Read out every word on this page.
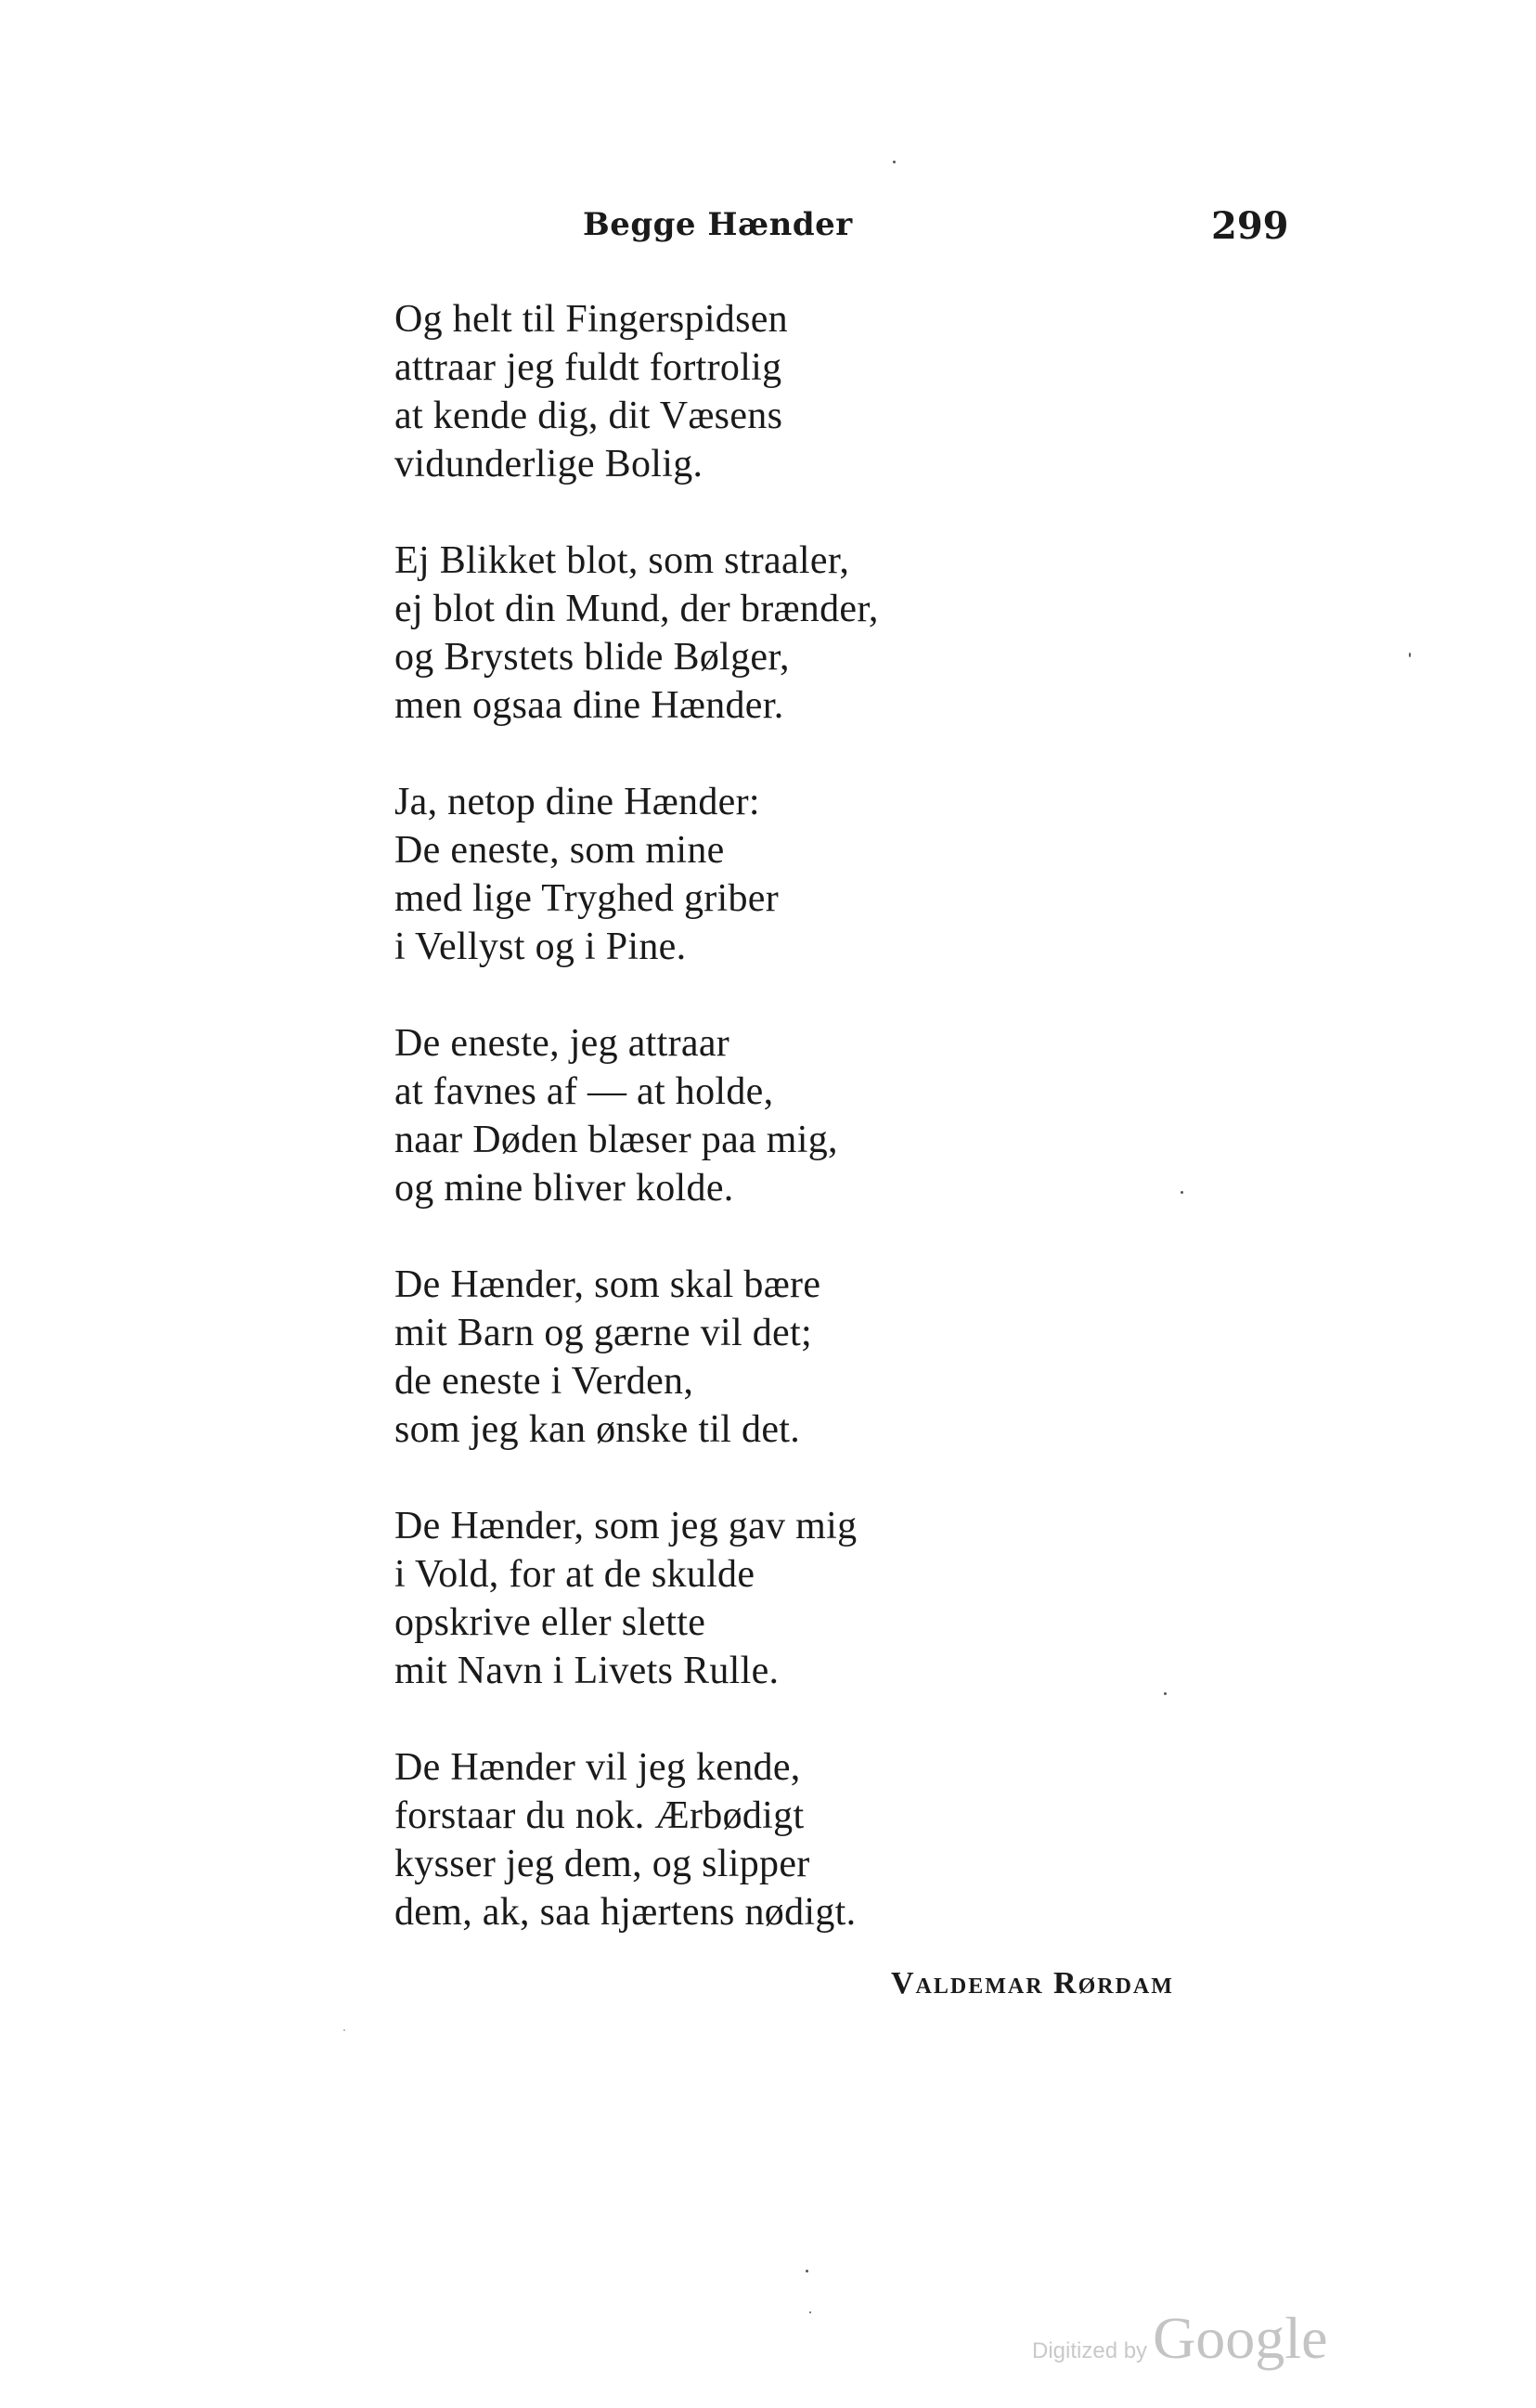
Begge Hænder	299
Og helt til Fingerspidsen
attraar jeg fuldt fortrolig
at kende dig, dit Væsens
vidunderlige Bolig.
Ej Blikket blot, som straaler,
ej blot din Mund, der brænder,
og Brystets blide Bølger,
men ogsaa dine Hænder.
Ja, netop dine Hænder:
De eneste, som mine
med lige Tryghed griber
i Vellyst og i Pine.
De eneste, jeg attraar
at favnes af — at holde,
naar Døden blæser paa mig,
og mine bliver kolde.
De Hænder, som skal bære
mit Barn og gærne vil det;
de eneste i Verden,
som jeg kan ønske til det.
De Hænder, som jeg gav mig
i Vold, for at de skulde
opskrive eller slette
mit Navn i Livets Rulle.
De Hænder vil jeg kende,
forstaar du nok. Ærbødigt
kysser jeg dem, og slipper
dem, ak, saa hjærtens nødigt.
Valdemar Rørdam
Digitized by Google
